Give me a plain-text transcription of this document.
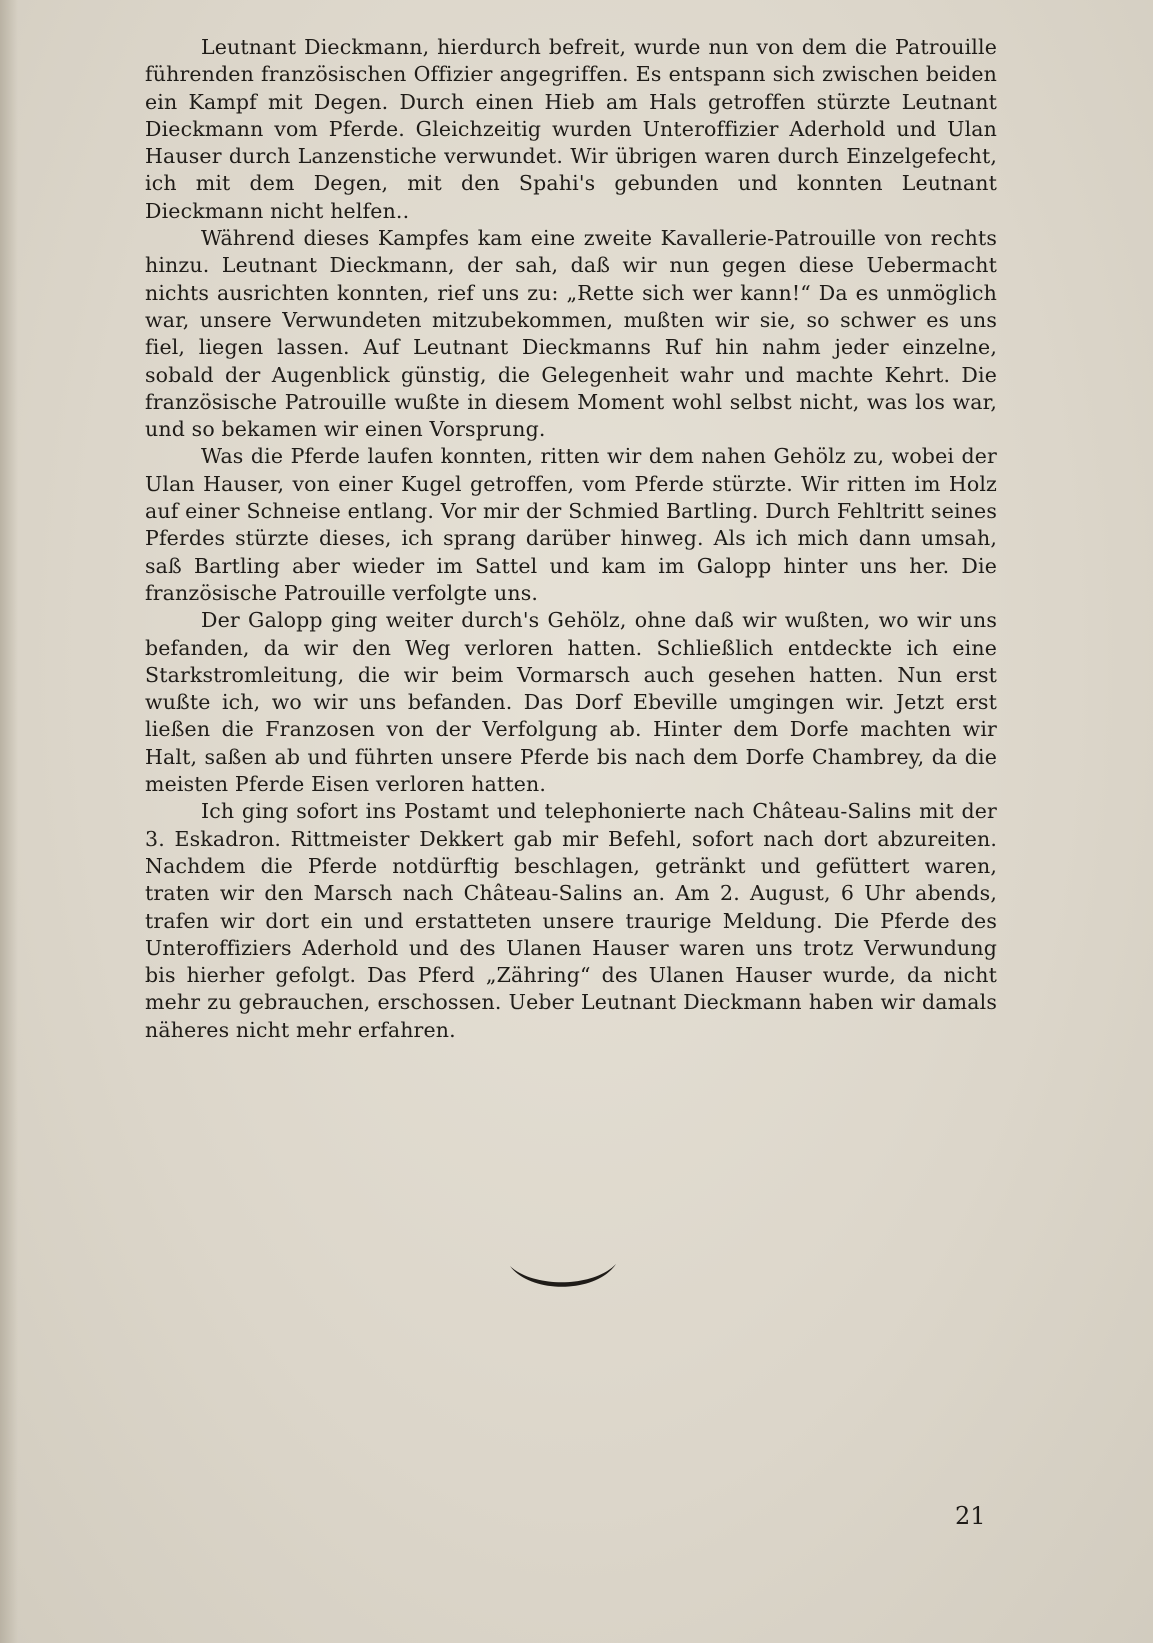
Leutnant Dieckmann, hierdurch befreit, wurde nun von dem die Patrouille führenden französischen Offizier angegriffen. Es entspann sich zwischen beiden ein Kampf mit Degen. Durch einen Hieb am Hals getroffen stürzte Leutnant Dieckmann vom Pferde. Gleichzeitig wurden Unteroffizier Aderhold und Ulan Hauser durch Lanzenstiche verwundet. Wir übrigen waren durch Einzelgefecht, ich mit dem Degen, mit den Spahi's gebunden und konnten Leutnant Dieckmann nicht helfen..

Während dieses Kampfes kam eine zweite Kavallerie-Patrouille von rechts hinzu. Leutnant Dieckmann, der sah, daß wir nun gegen diese Uebermacht nichts ausrichten konnten, rief uns zu: „Rette sich wer kann!“ Da es unmöglich war, unsere Verwundeten mitzubekommen, mußten wir sie, so schwer es uns fiel, liegen lassen. Auf Leutnant Dieckmanns Ruf hin nahm jeder einzelne, sobald der Augenblick günstig, die Gelegenheit wahr und machte Kehrt. Die französische Patrouille wußte in diesem Moment wohl selbst nicht, was los war, und so bekamen wir einen Vorsprung.

Was die Pferde laufen konnten, ritten wir dem nahen Gehölz zu, wobei der Ulan Hauser, von einer Kugel getroffen, vom Pferde stürzte. Wir ritten im Holz auf einer Schneise entlang. Vor mir der Schmied Bartling. Durch Fehltritt seines Pferdes stürzte dieses, ich sprang darüber hinweg. Als ich mich dann umsah, saß Bartling aber wieder im Sattel und kam im Galopp hinter uns her. Die französische Patrouille verfolgte uns.

Der Galopp ging weiter durch's Gehölz, ohne daß wir wußten, wo wir uns befanden, da wir den Weg verloren hatten. Schließlich entdeckte ich eine Starkstromleitung, die wir beim Vormarsch auch gesehen hatten. Nun erst wußte ich, wo wir uns befanden. Das Dorf Ebeville umgingen wir. Jetzt erst ließen die Franzosen von der Verfolgung ab. Hinter dem Dorfe machten wir Halt, saßen ab und führten unsere Pferde bis nach dem Dorfe Chambrey, da die meisten Pferde Eisen verloren hatten.

Ich ging sofort ins Postamt und telephonierte nach Château-Salins mit der 3. Eskadron. Rittmeister Dekkert gab mir Befehl, sofort nach dort abzureiten. Nachdem die Pferde notdürftig beschlagen, getränkt und gefüttert waren, traten wir den Marsch nach Château-Salins an. Am 2. August, 6 Uhr abends, trafen wir dort ein und erstatteten unsere traurige Meldung. Die Pferde des Unteroffiziers Aderhold und des Ulanen Hauser waren uns trotz Verwundung bis hierher gefolgt. Das Pferd „Zähring“ des Ulanen Hauser wurde, da nicht mehr zu gebrauchen, erschossen. Ueber Leutnant Dieckmann haben wir damals näheres nicht mehr erfahren.

21
